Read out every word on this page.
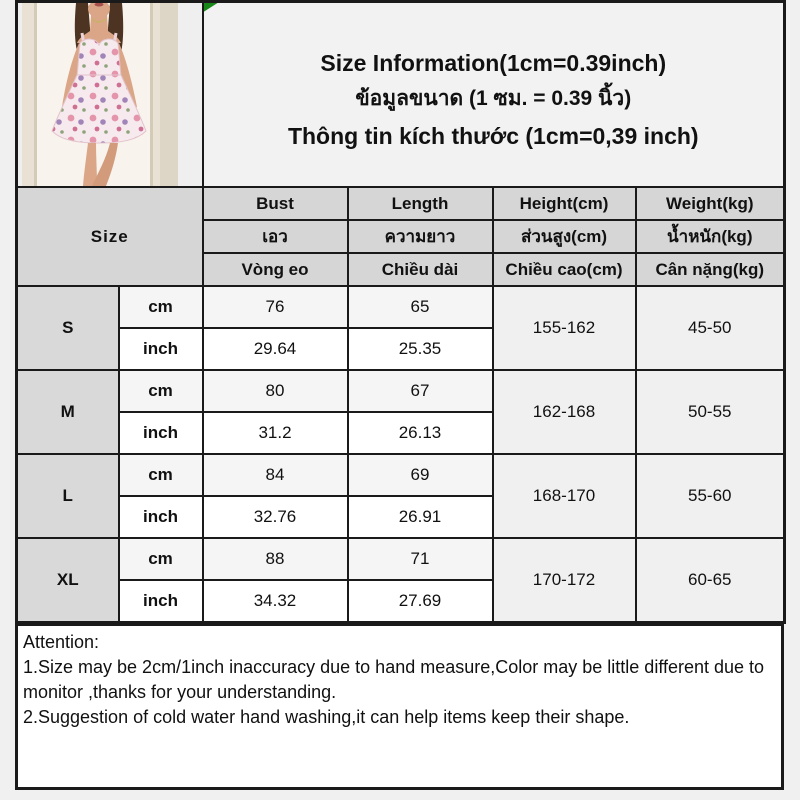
Size Information(1cm=0.39inch)
ข้อมูลขนาด (1 ซม. = 0.39 นิ้ว)
Thông tin kích thước (1cm=0,39 inch)			

Size		Bust	Length	Height(cm)	Weight(kg)
		เอว	ความยาว	ส่วนสูง(cm)	น้ำหนัก(kg)
		Vòng eo	Chiều dài	Chiều cao(cm)	Cân nặng(kg)
S	cm	76	65	155-162	45-50
	inch	29.64	25.35		
M	cm	80	67	162-168	50-55
	inch	31.2	26.13		
L	cm	84	69	168-170	55-60
	inch	32.76	26.91		
XL	cm	88	71	170-172	60-65
	inch	34.32	27.69		
Attention:
1.Size may be 2cm/1inch inaccuracy due to hand measure,Color may be little different due to monitor ,thanks for your understanding.
2.Suggestion of cold water hand washing,it can help items keep their shape.
